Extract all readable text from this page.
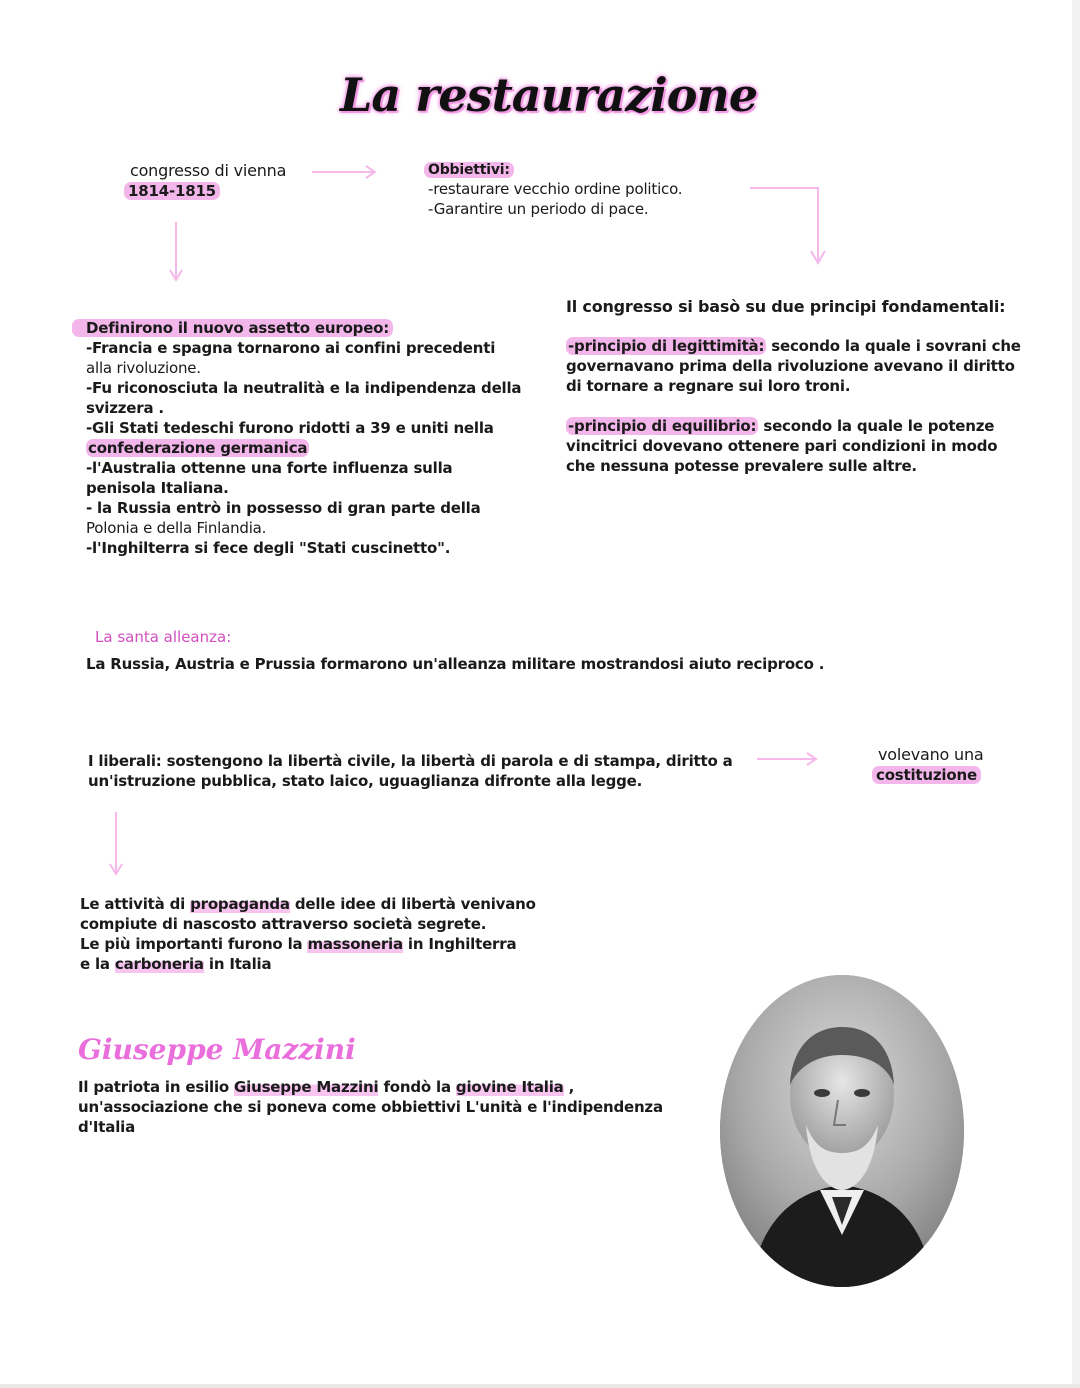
La restaurazione
congresso di vienna
1814-1815
Obbiettivi:
-restaurare vecchio ordine politico.
-Garantire un periodo di pace.
Definirono il nuovo assetto europeo:
-Francia e spagna tornarono ai confini precedenti
alla rivoluzione.
-Fu riconosciuta la neutralità e la indipendenza della
svizzera .
-Gli Stati tedeschi furono ridotti a 39 e uniti nella
confederazione germanica
-l'Australia ottenne una forte influenza sulla
penisola Italiana.
- la Russia entrò in possesso di gran parte della
Polonia e della Finlandia.
-l'Inghilterra si fece degli "Stati cuscinetto".
Il congresso si basò su due principi fondamentali:
-principio di legittimità: secondo la quale i sovrani che
governavano prima della rivoluzione avevano il diritto
di tornare a regnare sui loro troni.
-principio di equilibrio: secondo la quale le potenze
vincitrici dovevano ottenere pari condizioni in modo
che nessuna potesse prevalere sulle altre.
La santa alleanza:
La Russia, Austria e Prussia formarono un'alleanza militare mostrandosi aiuto reciproco .
I liberali: sostengono la libertà civile, la libertà di parola e di stampa, diritto a
un'istruzione pubblica, stato laico, uguaglianza difronte alla legge.
volevano una
costituzione
Le attività di propaganda delle idee di libertà venivano
compiute di nascosto attraverso società segrete.
Le più importanti furono la massoneria in Inghilterra
e la carboneria in Italia
Giuseppe Mazzini
Il patriota in esilio Giuseppe Mazzini fondò la giovine Italia ,
un'associazione che si poneva come obbiettivi L'unità e l'indipendenza
d'Italia
